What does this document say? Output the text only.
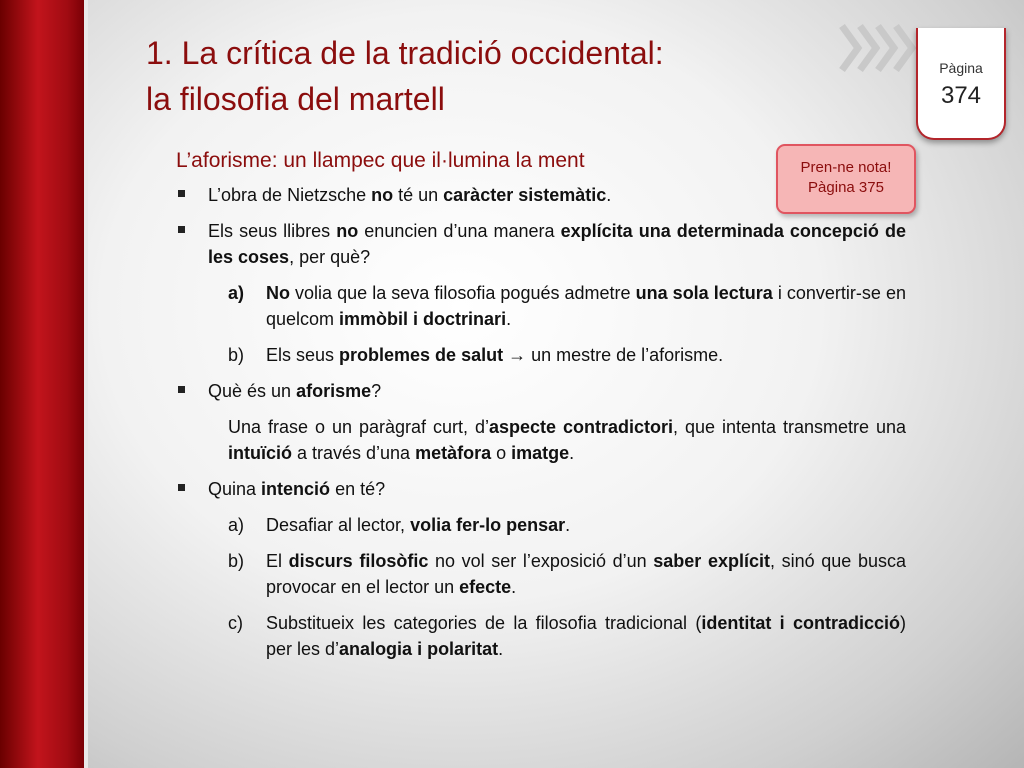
1. La crítica de la tradició occidental:
la filosofia del martell
Pàgina
374
Pren-ne nota!
Pàgina 375
L’aforisme: un llampec que il·lumina la ment
L’obra de Nietzsche no té un caràcter sistemàtic.
Els seus llibres no enuncien d’una manera explícita una determinada concepció de les coses, per què?
a) No volia que la seva filosofia pogués admetre una sola lectura i convertir-se en quelcom immòbil i doctrinari.
b) Els seus problemes de salut → un mestre de l’aforisme.
Què és un aforisme?
Una frase o un paràgraf curt, d’aspecte contradictori, que intenta transmetre una intuïció a través d’una metàfora o imatge.
Quina intenció en té?
a) Desafiar al lector, volia fer-lo pensar.
b) El discurs filosòfic no vol ser l’exposició d’un saber explícit, sinó que busca provocar en el lector un efecte.
c) Substitueix les categories de la filosofia tradicional (identitat i contradicció) per les d’analogia i polaritat.
